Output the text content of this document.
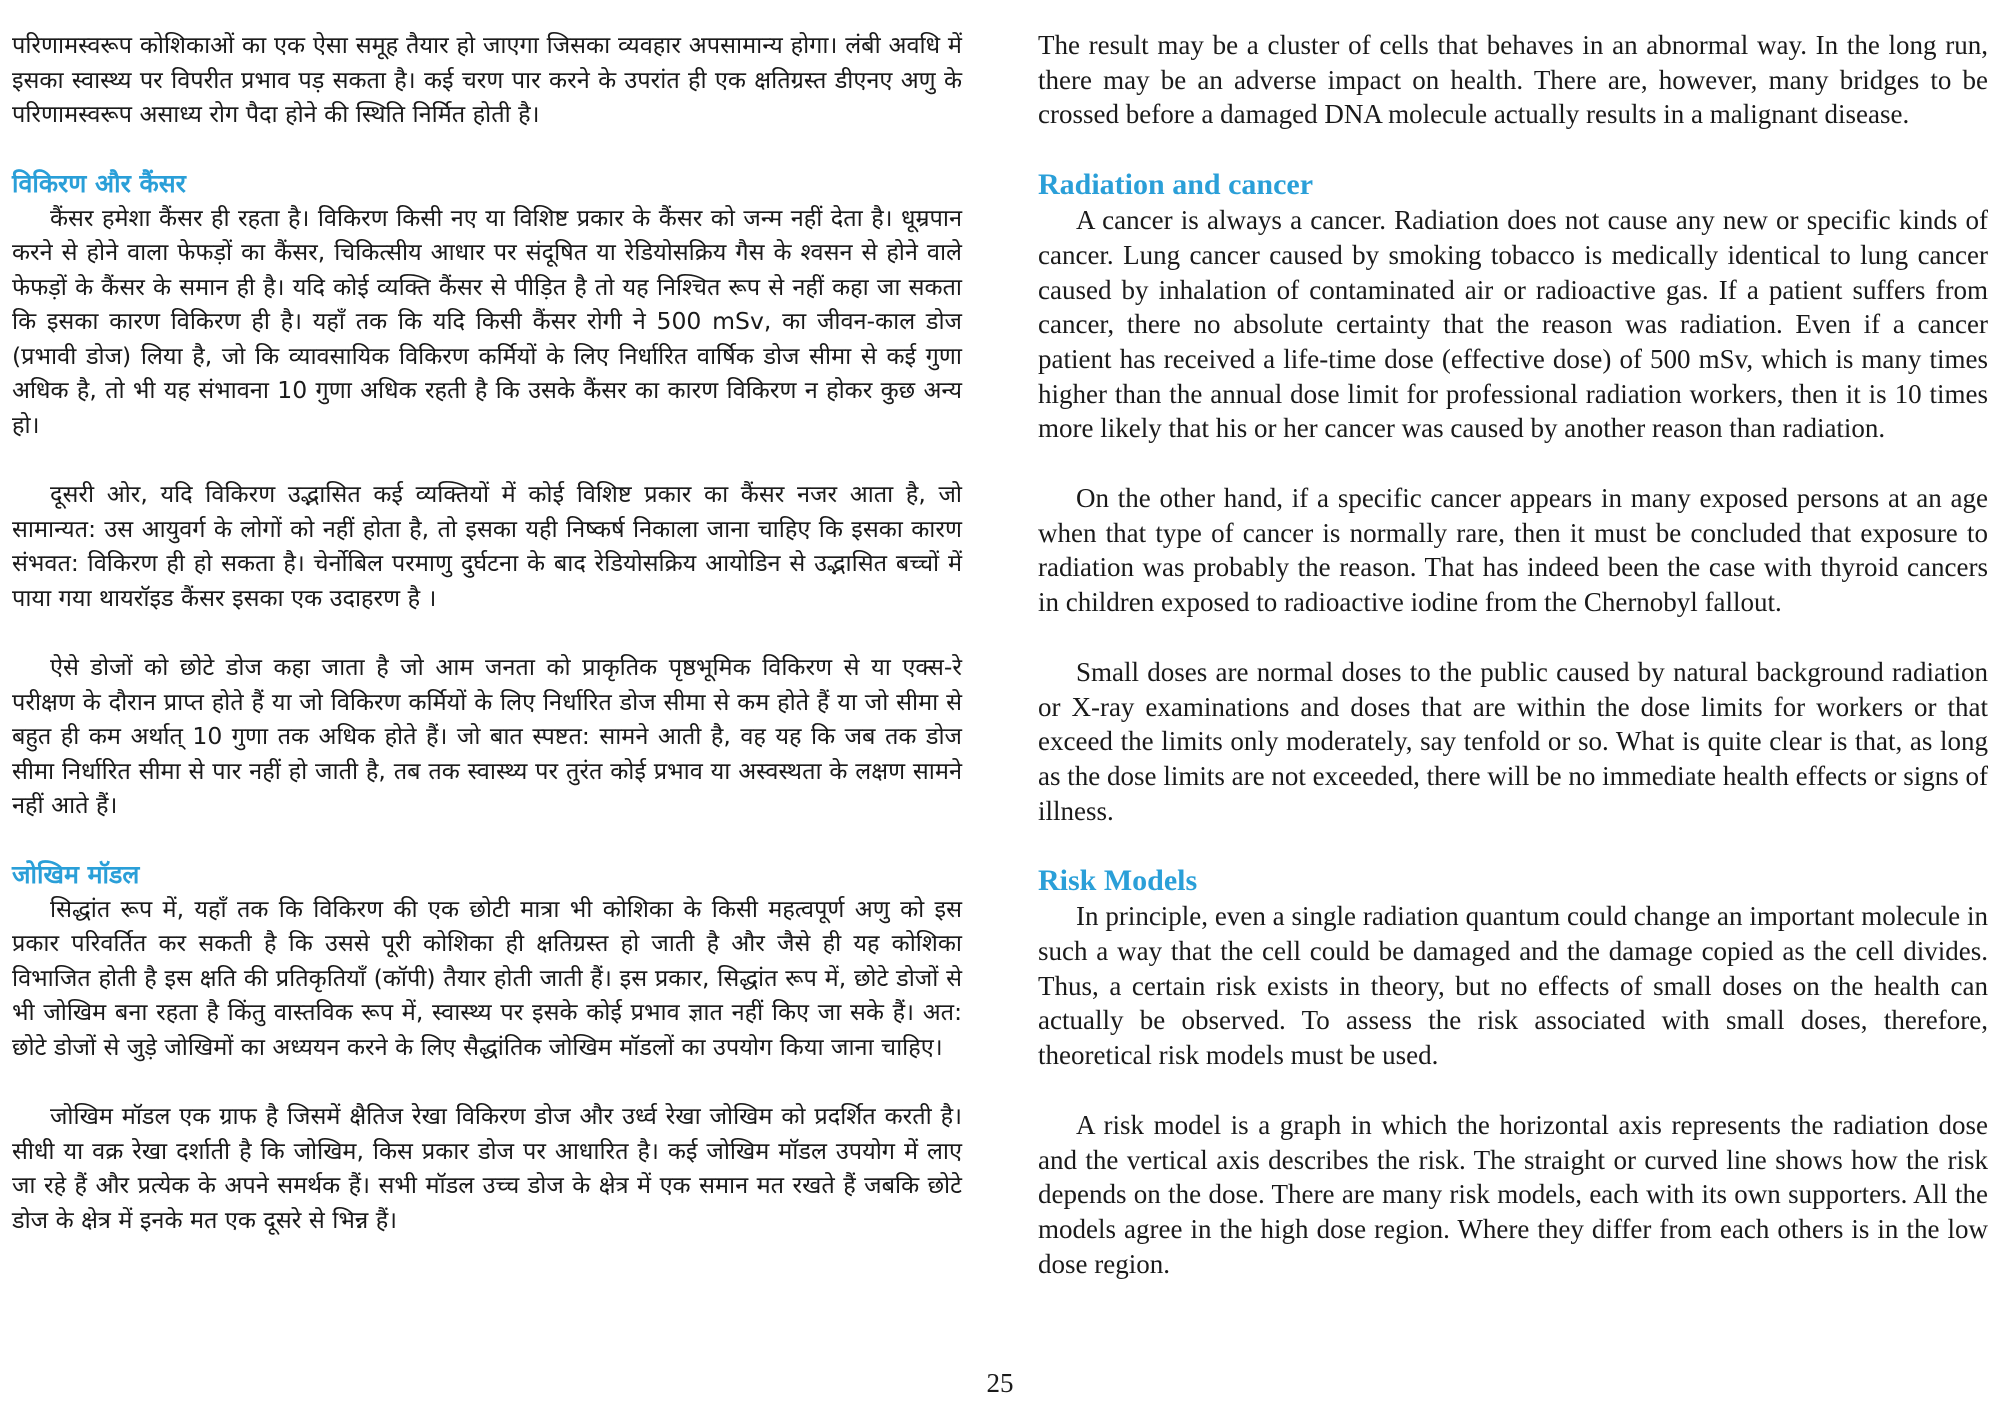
परिणामस्वरूप कोशिकाओं का एक ऐसा समूह तैयार हो जाएगा जिसका व्यवहार अपसामान्य होगा। लंबी अवधि में इसका स्वास्थ्य पर विपरीत प्रभाव पड़ सकता है। कई चरण पार करने के उपरांत ही एक क्षतिग्रस्त डीएनए अणु के परिणामस्वरूप असाध्य रोग पैदा होने की स्थिति निर्मित होती है।

विकिरण और कैंसर

कैंसर हमेशा कैंसर ही रहता है। विकिरण किसी नए या विशिष्ट प्रकार के कैंसर को जन्म नहीं देता है। धूम्रपान करने से होने वाला फेफड़ों का कैंसर, चिकित्सीय आधार पर संदूषित या रेडियोसक्रिय गैस के श्वसन से होने वाले फेफड़ों के कैंसर के समान ही है। यदि कोई व्यक्ति कैंसर से पीड़ित है तो यह निश्चित रूप से नहीं कहा जा सकता कि इसका कारण विकिरण ही है। यहाँ तक कि यदि किसी कैंसर रोगी ने 500 mSv, का जीवन-काल डोज (प्रभावी डोज) लिया है, जो कि व्यावसायिक विकिरण कर्मियों के लिए निर्धारित वार्षिक डोज सीमा से कई गुणा अधिक है, तो भी यह संभावना 10 गुणा अधिक रहती है कि उसके कैंसर का कारण विकिरण न होकर कुछ अन्य हो।

दूसरी ओर, यदि विकिरण उद्भासित कई व्यक्तियों में कोई विशिष्ट प्रकार का कैंसर नजर आता है, जो सामान्यत: उस आयुवर्ग के लोगों को नहीं होता है, तो इसका यही निष्कर्ष निकाला जाना चाहिए कि इसका कारण संभवत: विकिरण ही हो सकता है। चेर्नोबिल परमाणु दुर्घटना के बाद रेडियोसक्रिय आयोडिन से उद्भासित बच्चों में पाया गया थायरॉइड कैंसर इसका एक उदाहरण है ।

ऐसे डोजों को छोटे डोज कहा जाता है जो आम जनता को प्राकृतिक पृष्ठभूमिक विकिरण से या एक्स-रे परीक्षण के दौरान प्राप्त होते हैं या जो विकिरण कर्मियों के लिए निर्धारित डोज सीमा से कम होते हैं या जो सीमा से बहुत ही कम अर्थात् 10 गुणा तक अधिक होते हैं। जो बात स्पष्टत: सामने आती है, वह यह कि जब तक डोज सीमा निर्धारित सीमा से पार नहीं हो जाती है, तब तक स्वास्थ्य पर तुरंत कोई प्रभाव या अस्वस्थता के लक्षण सामने नहीं आते हैं।

जोखिम मॉडल

सिद्धांत रूप में, यहाँ तक कि विकिरण की एक छोटी मात्रा भी कोशिका के किसी महत्वपूर्ण अणु को इस प्रकार परिवर्तित कर सकती है कि उससे पूरी कोशिका ही क्षतिग्रस्त हो जाती है और जैसे ही यह कोशिका विभाजित होती है इस क्षति की प्रतिकृतियाँ (कॉपी) तैयार होती जाती हैं। इस प्रकार, सिद्धांत रूप में, छोटे डोजों से भी जोखिम बना रहता है किंतु वास्तविक रूप में, स्वास्थ्य पर इसके कोई प्रभाव ज्ञात नहीं किए जा सके हैं। अत: छोटे डोजों से जुड़े जोखिमों का अध्ययन करने के लिए सैद्धांतिक जोखिम मॉडलों का उपयोग किया जाना चाहिए।

जोखिम मॉडल एक ग्राफ है जिसमें क्षैतिज रेखा विकिरण डोज और उर्ध्व रेखा जोखिम को प्रदर्शित करती है। सीधी या वक्र रेखा दर्शाती है कि जोखिम, किस प्रकार डोज पर आधारित है। कई जोखिम मॉडल उपयोग में लाए जा रहे हैं और प्रत्येक के अपने समर्थक हैं। सभी मॉडल उच्च डोज के क्षेत्र में एक समान मत रखते हैं जबकि छोटे डोज के क्षेत्र में इनके मत एक दूसरे से भिन्न हैं।

The result may be a cluster of cells that behaves in an abnormal way. In the long run, there may be an adverse impact on health. There are, however, many bridges to be crossed before a damaged DNA molecule actually results in a malignant disease.

Radiation and cancer

A cancer is always a cancer. Radiation does not cause any new or specific kinds of cancer. Lung cancer caused by smoking tobacco is medically identical to lung cancer caused by inhalation of contaminated air or radioactive gas. If a patient suffers from cancer, there no absolute certainty that the reason was radiation. Even if a cancer patient has received a life-time dose (effective dose) of 500 mSv, which is many times higher than the annual dose limit for professional radiation workers, then it is 10 times more likely that his or her cancer was caused by another reason than radiation.

On the other hand, if a specific cancer appears in many exposed persons at an age when that type of cancer is normally rare, then it must be concluded that exposure to radiation was probably the reason. That has indeed been the case with thyroid cancers in children exposed to radioactive iodine from the Chernobyl fallout.

Small doses are normal doses to the public caused by natural background radiation or X-ray examinations and doses that are within the dose limits for workers or that exceed the limits only moderately, say tenfold or so. What is quite clear is that, as long as the dose limits are not exceeded, there will be no immediate health effects or signs of illness.

Risk Models

In principle, even a single radiation quantum could change an important molecule in such a way that the cell could be damaged and the damage copied as the cell divides. Thus, a certain risk exists in theory, but no effects of small doses on the health can actually be observed. To assess the risk associated with small doses, therefore, theoretical risk models must be used.

A risk model is a graph in which the horizontal axis represents the radiation dose and the vertical axis describes the risk. The straight or curved line shows how the risk depends on the dose. There are many risk models, each with its own supporters. All the models agree in the high dose region. Where they differ from each others is in the low dose region.

25
